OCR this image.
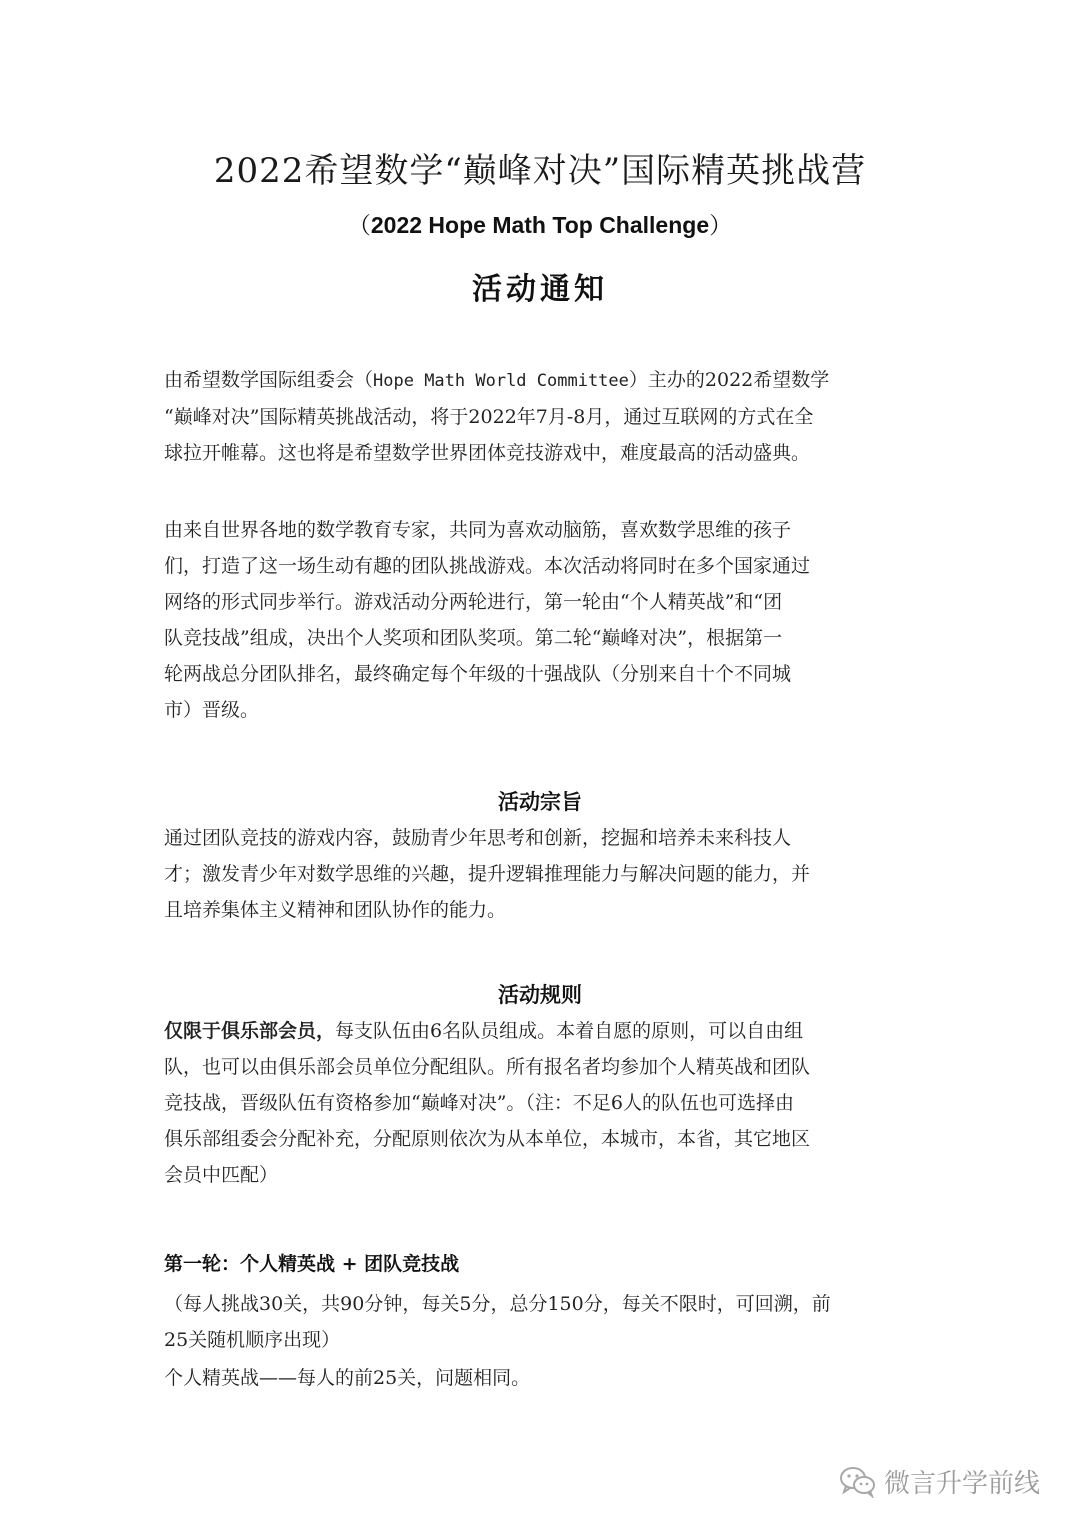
2022希望数学“巅峰对决”国际精英挑战营
（2022 Hope Math Top Challenge）
活动通知

由希望数学国际组委会（Hope Math World Committee）主办的2022希望数学
“巅峰对决”国际精英挑战活动，将于2022年7月-8月，通过互联网的方式在全
球拉开帷幕。这也将是希望数学世界团体竞技游戏中，难度最高的活动盛典。

由来自世界各地的数学教育专家，共同为喜欢动脑筋，喜欢数学思维的孩子
们，打造了这一场生动有趣的团队挑战游戏。本次活动将同时在多个国家通过
网络的形式同步举行。游戏活动分两轮进行，第一轮由“个人精英战”和“团
队竞技战”组成，决出个人奖项和团队奖项。第二轮“巅峰对决”，根据第一
轮两战总分团队排名，最终确定每个年级的十强战队（分别来自十个不同城
市）晋级。

活动宗旨

通过团队竞技的游戏内容，鼓励青少年思考和创新，挖掘和培养未来科技人
才；激发青少年对数学思维的兴趣，提升逻辑推理能力与解决问题的能力，并
且培养集体主义精神和团队协作的能力。

活动规则

仅限于俱乐部会员，每支队伍由6名队员组成。本着自愿的原则，可以自由组
队，也可以由俱乐部会员单位分配组队。所有报名者均参加个人精英战和团队
竞技战，晋级队伍有资格参加“巅峰对决”。（注：不足6人的队伍也可选择由
俱乐部组委会分配补充，分配原则依次为从本单位，本城市，本省，其它地区
会员中匹配）

第一轮：个人精英战 + 团队竞技战

（每人挑战30关，共90分钟，每关5分，总分150分，每关不限时，可回溯，前
25关随机顺序出现）

个人精英战——每人的前25关，问题相同。

微言升学前线
